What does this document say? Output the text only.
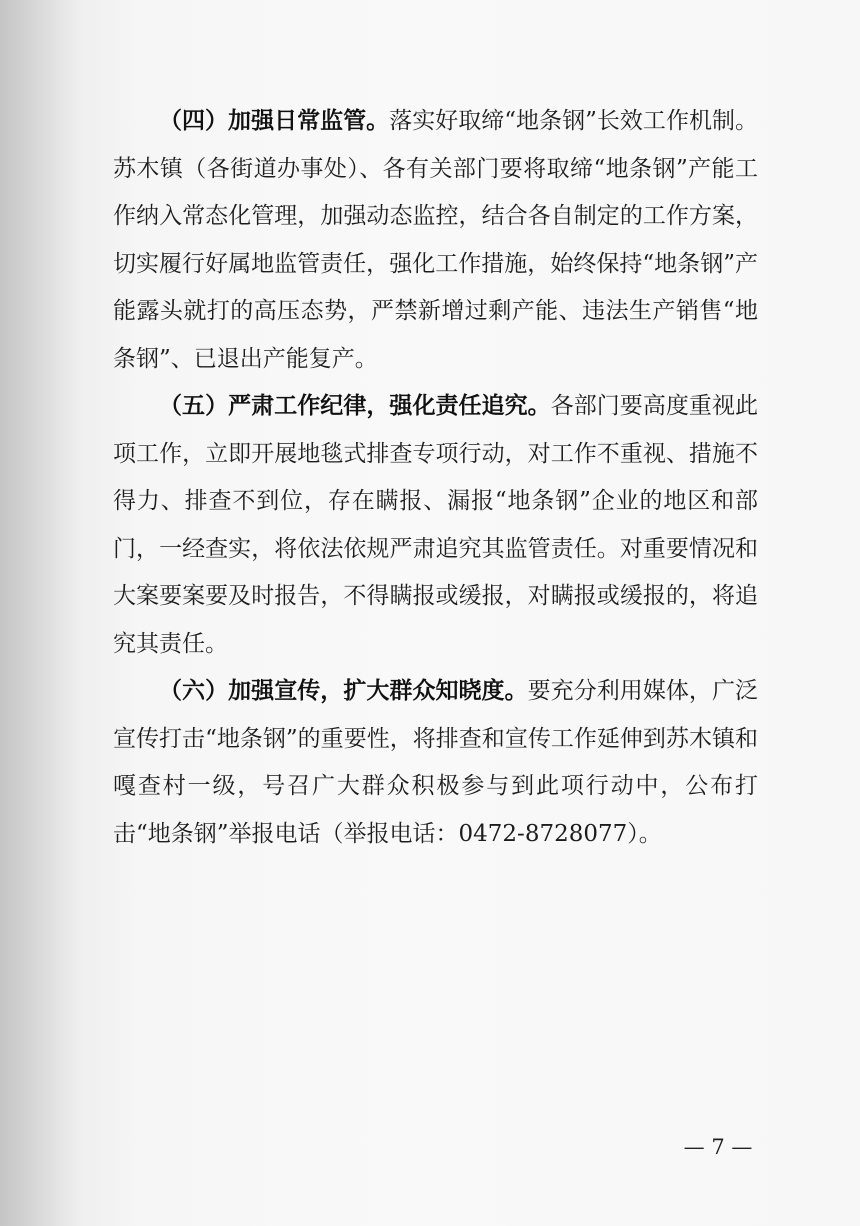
（四）加强日常监管。落实好取缔“地条钢”长效工作机制。苏木镇（各街道办事处）、各有关部门要将取缔“地条钢”产能工作纳入常态化管理，加强动态监控，结合各自制定的工作方案，切实履行好属地监管责任，强化工作措施，始终保持“地条钢”产能露头就打的高压态势，严禁新增过剩产能、违法生产销售“地条钢”、已退出产能复产。

（五）严肃工作纪律，强化责任追究。各部门要高度重视此项工作，立即开展地毯式排查专项行动，对工作不重视、措施不得力、排查不到位，存在瞒报、漏报“地条钢”企业的地区和部门，一经查实，将依法依规严肃追究其监管责任。对重要情况和大案要案要及时报告，不得瞒报或缓报，对瞒报或缓报的，将追究其责任。

（六）加强宣传，扩大群众知晓度。要充分利用媒体，广泛宣传打击“地条钢”的重要性，将排查和宣传工作延伸到苏木镇和嘎查村一级，号召广大群众积极参与到此项行动中，公布打击“地条钢”举报电话（举报电话：0472-8728077）。

— 7 —
